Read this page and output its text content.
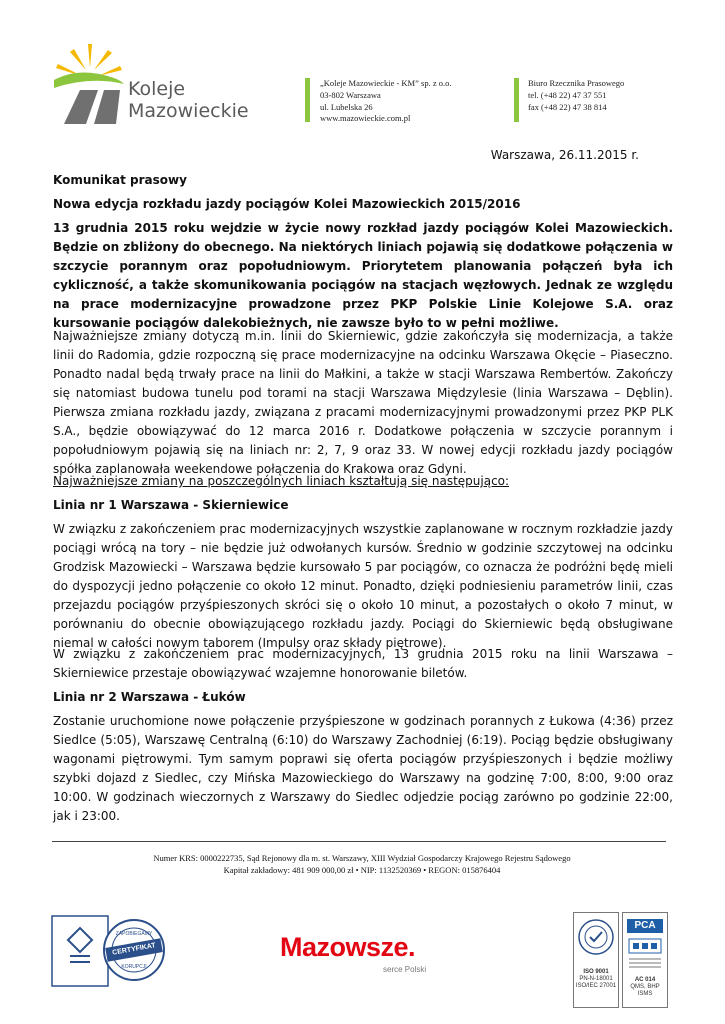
Koleje
Mazowieckie
„Koleje Mazowieckie - KM” sp. z o.o.
03-802 Warszawa
ul. Lubelska 26
www.mazowieckie.com.pl
Biuro Rzecznika Prasowego
tel. (+48 22) 47 37 551
fax (+48 22) 47 38 814
Warszawa, 26.11.2015 r.
Komunikat prasowy
Nowa edycja rozkładu jazdy pociągów Kolei Mazowieckich 2015/2016
13 grudnia 2015 roku wejdzie w życie nowy rozkład jazdy pociągów Kolei Mazowieckich. Będzie on zbliżony do obecnego. Na niektórych liniach pojawią się dodatkowe połączenia w szczycie porannym oraz popołudniowym. Priorytetem planowania połączeń była ich cykliczność, a także skomunikowania pociągów na stacjach węzłowych. Jednak ze względu na prace modernizacyjne prowadzone przez PKP Polskie Linie Kolejowe S.A. oraz kursowanie pociągów dalekobieżnych, nie zawsze było to w pełni możliwe.
Najważniejsze zmiany dotyczą m.in. linii do Skierniewic, gdzie zakończyła się modernizacja, a także linii do Radomia, gdzie rozpoczną się prace modernizacyjne na odcinku Warszawa Okęcie – Piaseczno. Ponadto nadal będą trwały prace na linii do Małkini, a także w stacji Warszawa Rembertów. Zakończy się natomiast budowa tunelu pod torami na stacji Warszawa Międzylesie (linia Warszawa – Dęblin). Pierwsza zmiana rozkładu jazdy, związana z pracami modernizacyjnymi prowadzonymi przez PKP PLK S.A., będzie obowiązywać do 12 marca 2016 r. Dodatkowe połączenia w szczycie porannym i popołudniowym pojawią się na liniach nr: 2, 7, 9 oraz 33. W nowej edycji rozkładu jazdy pociągów spółka zaplanowała weekendowe połączenia do Krakowa oraz Gdyni.
Najważniejsze zmiany na poszczególnych liniach kształtują się następująco:
Linia nr 1 Warszawa - Skierniewice
W związku z zakończeniem prac modernizacyjnych wszystkie zaplanowane w rocznym rozkładzie jazdy pociągi wrócą na tory – nie będzie już odwołanych kursów. Średnio w godzinie szczytowej na odcinku Grodzisk Mazowiecki – Warszawa będzie kursowało 5 par pociągów, co oznacza że podróżni będę mieli do dyspozycji jedno połączenie co około 12 minut. Ponadto, dzięki podniesieniu parametrów linii, czas przejazdu pociągów przyśpieszonych skróci się o około 10 minut, a pozostałych o około 7 minut, w porównaniu do obecnie obowiązującego rozkładu jazdy. Pociągi do Skierniewic będą obsługiwane niemal w całości nowym taborem (Impulsy oraz składy piętrowe).
W związku z zakończeniem prac modernizacyjnych, 13 grudnia 2015 roku na linii Warszawa – Skierniewice przestaje obowiązywać wzajemne honorowanie biletów.
Linia nr 2 Warszawa - Łuków
Zostanie uruchomione nowe połączenie przyśpieszone w godzinach porannych z Łukowa (4:36) przez Siedlce (5:05), Warszawę Centralną (6:10) do Warszawy Zachodniej (6:19). Pociąg będzie obsługiwany wagonami piętrowymi. Tym samym poprawi się oferta pociągów przyśpieszonych i będzie możliwy szybki dojazd z Siedlec, czy Mińska Mazowieckiego do Warszawy na godzinę 7:00, 8:00, 9:00 oraz 10:00. W godzinach wieczornych z Warszawy do Siedlec odjedzie pociąg zarówno po godzinie 22:00, jak i 23:00.
Numer KRS: 0000222735, Sąd Rejonowy dla m. st. Warszawy, XIII Wydział Gospodarczy Krajowego Rejestru Sądowego
Kapitał zakładowy: 481 909 000,00 zł • NIP: 1132520369 • REGON: 015876404
ZAPOBIEGAMY
CERTYFIKAT
KORUPCJI
Mazowsze.
serce Polski	ISO 9001
PN-N-18001
ISO/IEC 27001
PCA
AC 014
QMS, BHP
ISMS
